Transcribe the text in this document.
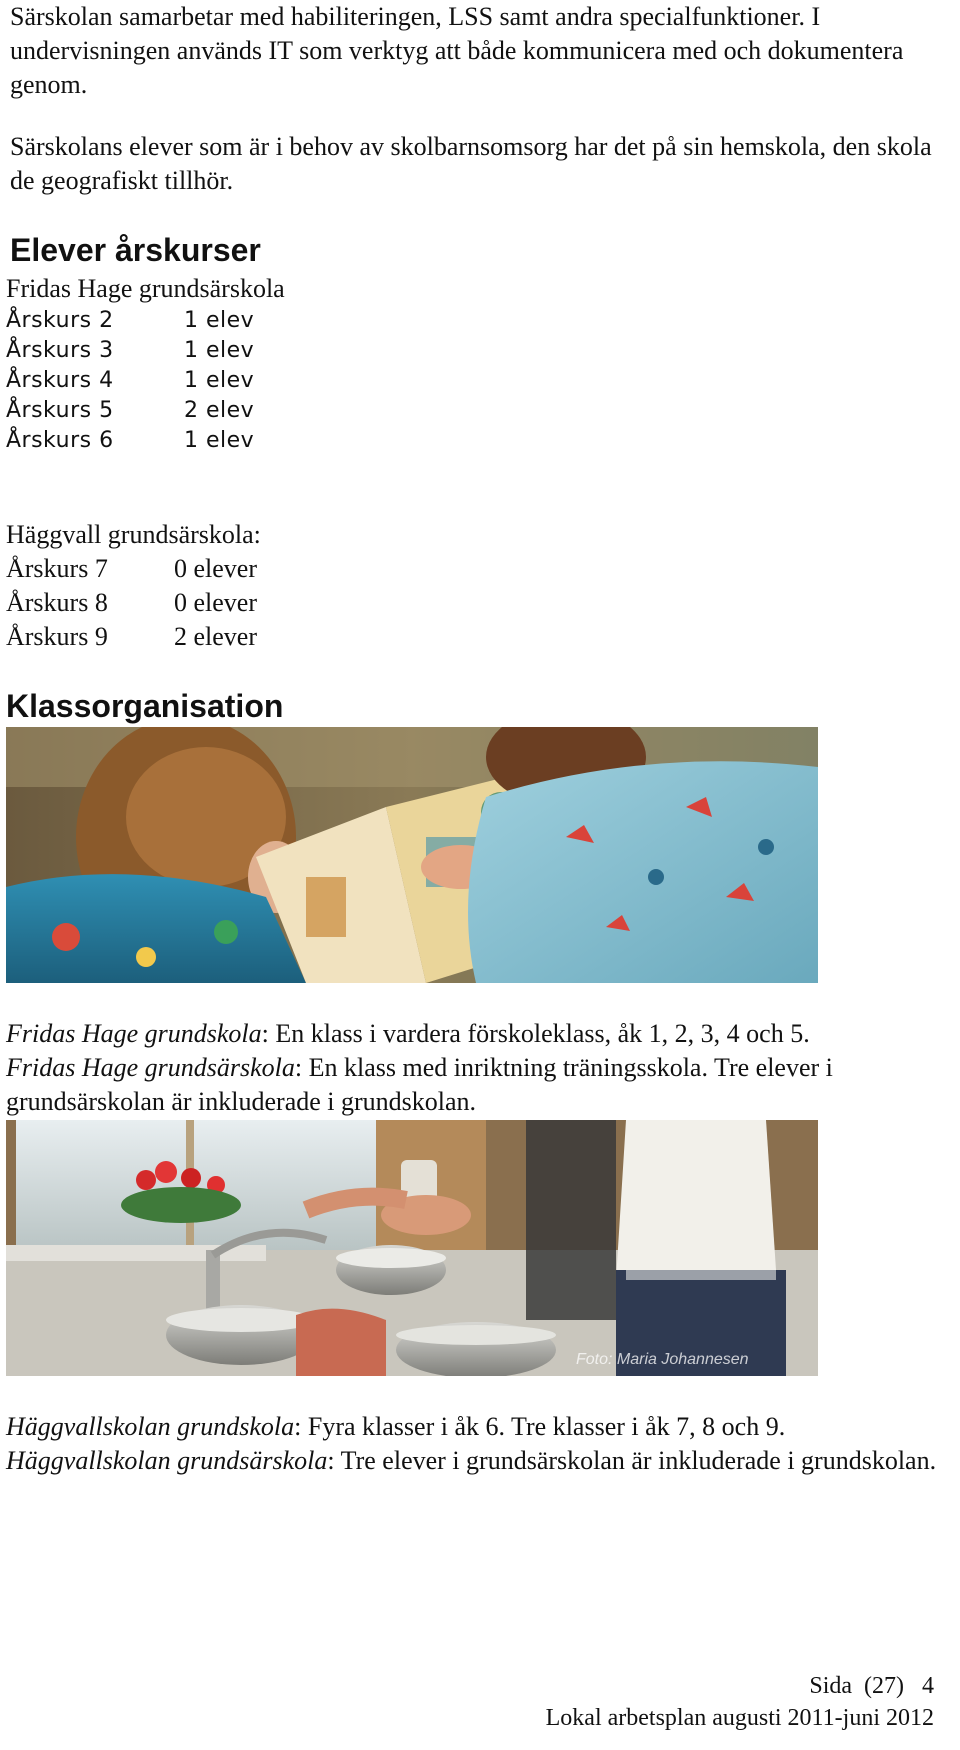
Särskolan samarbetar med habiliteringen, LSS samt andra specialfunktioner. I undervisningen används IT som verktyg att både kommunicera med och dokumentera genom.

Särskolans elever som är i behov av skolbarnsomsorg har det på sin hemskola, den skola de geografiskt tillhör.

Elever årskurser

Fridas Hage grundsärskola

Årskurs 2	1 elev

Årskurs 3	1 elev

Årskurs 4	1 elev

Årskurs 5	2 elev

Årskurs 6	1 elev

Häggvall grundsärskola:

Årskurs 7	0 elever

Årskurs 8	0 elever

Årskurs 9	2 elever

Klassorganisation

Fridas Hage grundskola: En klass i vardera förskoleklass, åk 1, 2, 3, 4 och 5.

Fridas Hage grundsärskola: En klass med inriktning träningsskola. Tre elever i grundsärskolan är inkluderade i grundskolan.

Foto: Maria Johannesen

Häggvallskolan grundskola: Fyra klasser i åk 6. Tre klasser i åk 7, 8 och 9.

Häggvallskolan grundsärskola: Tre elever i grundsärskolan är inkluderade i grundskolan.

Sida (27) 4
Lokal arbetsplan augusti 2011-juni 2012
